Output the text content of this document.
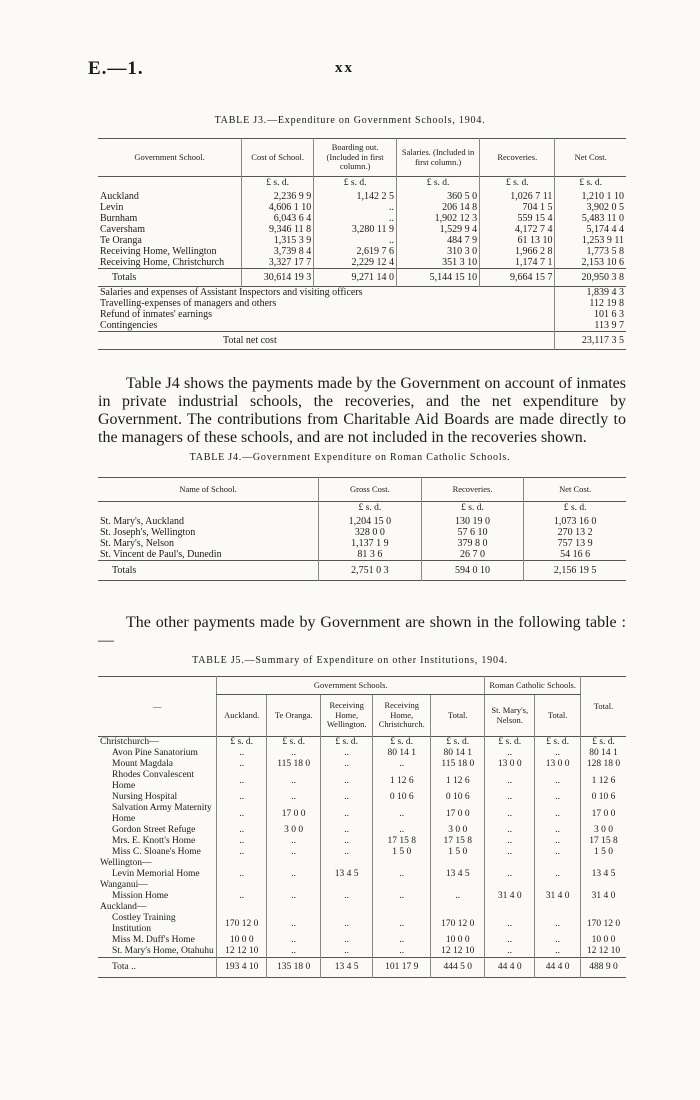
E.—1.	xx
TABLE J3.—Expenditure on Government Schools, 1904.
Government School.	Cost of School.	Boarding out. (Included in first column.)	Salaries. (Included in first column.)	Recoveries.	Net Cost.
	£ s. d.	£ s. d.	£ s. d.	£ s. d.	£ s. d.
Auckland	2,236 9 9	1,142 2 5	360 5 0	1,026 7 11	1,210 1 10
Levin	4,606 1 10	..	206 14 8	704 1 5	3,902 0 5
Burnham	6,043 6 4	..	1,902 12 3	559 15 4	5,483 11 0
Caversham	9,346 11 8	3,280 11 9	1,529 9 4	4,172 7 4	5,174 4 4
Te Oranga	1,315 3 9	..	484 7 9	61 13 10	1,253 9 11
Receiving Home, Wellington	3,739 8 4	2,619 7 6	310 3 0	1,966 2 8	1,773 5 8
Receiving Home, Christchurch	3,327 17 7	2,229 12 4	351 3 10	1,174 7 1	2,153 10 6
Totals	30,614 19 3	9,271 14 0	5,144 15 10	9,664 15 7	20,950 3 8
Salaries and expenses of Assistant Inspectors and visiting officers					1,839 4 3
Travelling-expenses of managers and others					112 19 8
Refund of inmates' earnings					101 6 3
Contingencies					113 9 7
Total net cost					23,117 3 5
Table J4 shows the payments made by the Government on account of inmates in private industrial schools, the recoveries, and the net expenditure by Government. The contributions from Charitable Aid Boards are made directly to the managers of these schools, and are not included in the recoveries shown.
TABLE J4.—Government Expenditure on Roman Catholic Schools.
Name of School.	Gross Cost.	Recoveries.	Net Cost.
	£ s. d.	£ s. d.	£ s. d.
St. Mary's, Auckland	1,204 15 0	130 19 0	1,073 16 0
St. Joseph's, Wellington	328 0 0	57 6 10	270 13 2
St. Mary's, Nelson	1,137 1 9	379 8 0	757 13 9
St. Vincent de Paul's, Dunedin	81 3 6	26 7 0	54 16 6
Totals	2,751 0 3	594 0 10	2,156 19 5
The other payments made by Government are shown in the following table :—
TABLE J5.—Summary of Expenditure on other Institutions, 1904.
—	Government Schools.					Roman Catholic Schools.		Total.
	Auckland.	Te Oranga.	Receiving Home, Wellington.	Receiving Home, Christchurch.	Total.	St. Mary's, Nelson.	Total.	
Christchurch—	£ s. d.	£ s. d.	£ s. d.	£ s. d.	£ s. d.	£ s. d.	£ s. d.	£ s. d.
Avon Pine Sanatorium	..	..	..	80 14 1	80 14 1	..	..	80 14 1
Mount Magdala	..	115 18 0	..	..	115 18 0	13 0 0	13 0 0	128 18 0
Rhodes Convalescent Home	..	..	..	1 12 6	1 12 6	..	..	1 12 6
Nursing Hospital	..	..	..	0 10 6	0 10 6	..	..	0 10 6
Salvation Army Maternity Home	..	17 0 0	..	..	17 0 0	..	..	17 0 0
Gordon Street Refuge	..	3 0 0	..	..	3 0 0	..	..	3 0 0
Mrs. E. Knott's Home	..	..	..	17 15 8	17 15 8	..	..	17 15 8
Miss C. Sloane's Home	..	..	..	1 5 0	1 5 0	..	..	1 5 0
Wellington—								
Levin Memorial Home	..	..	13 4 5	..	13 4 5	..	..	13 4 5
Wanganui—								
Mission Home	..	..	..	..	..	31 4 0	31 4 0	31 4 0
Auckland—								
Costley Training Institution	170 12 0	..	..	..	170 12 0	..	..	170 12 0
Miss M. Duff's Home	10 0 0	..	..	..	10 0 0	..	..	10 0 0
St. Mary's Home, Otahuhu	12 12 10	..	..	..	12 12 10	..	..	12 12 10
Tota ..	193 4 10	135 18 0	13 4 5	101 17 9	444 5 0	44 4 0	44 4 0	488 9 0
